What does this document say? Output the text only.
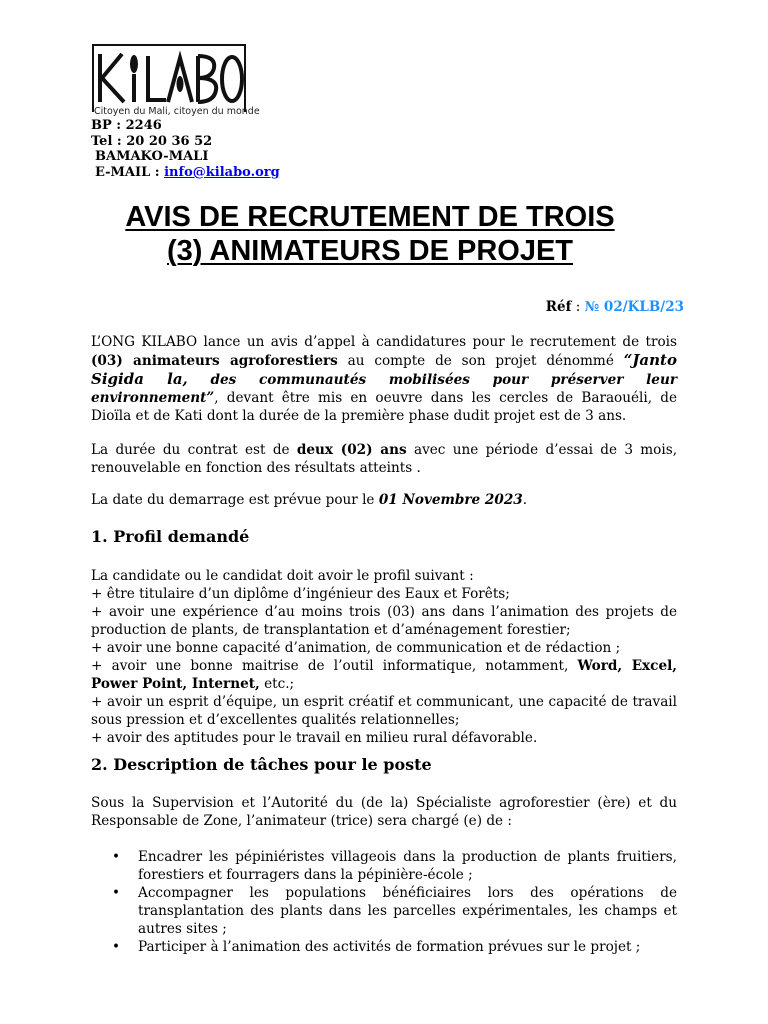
Citoyen du Mali, citoyen du monde
BP : 2246
Tel : 20 20 36 52
BAMAKO-MALI
E-MAIL : info@kilabo.org
AVIS DE RECRUTEMENT DE TROIS
(3) ANIMATEURS DE PROJET
Réf : № 02/KLB/23

L’ONG KILABO lance un avis d’appel à candidatures pour le recrutement de trois (03) animateurs agroforestiers au compte de son projet dénommé “Janto Sigida la, des communautés mobilisées pour préserver leur environnement”, devant être mis en oeuvre dans les cercles de Baraouéli, de Dioïla et de Kati dont la durée de la première phase dudit projet est de 3 ans.

La durée du contrat est de deux (02) ans avec une période d’essai de 3 mois, renouvelable en fonction des résultats atteints .

La date du demarrage est prévue pour le 01 Novembre 2023.

1. Profil demandé

La candidate ou le candidat doit avoir le profil suivant :

+ être titulaire d’un diplôme d’ingénieur des Eaux et Forêts;

+ avoir une expérience d’au moins trois (03) ans dans l’animation des projets de production de plants, de transplantation et d’aménagement forestier;

+ avoir une bonne capacité d’animation, de communication et de rédaction ;

+ avoir une bonne maitrise de l’outil informatique, notamment, Word, Excel, Power Point, Internet, etc.;

+ avoir un esprit d’équipe, un esprit créatif et communicant, une capacité de travail sous pression et d’excellentes qualités relationnelles;

+ avoir des aptitudes pour le travail en milieu rural défavorable.

2. Description de tâches pour le poste

Sous la Supervision et l’Autorité du (de la) Spécialiste agroforestier (ère) et du Responsable de Zone, l’animateur (trice) sera chargé (e) de :

• Encadrer les pépiniéristes villageois dans la production de plants fruitiers, forestiers et fourragers dans la pépinière-école ;
• Accompagner les populations bénéficiaires lors des opérations de transplantation des plants dans les parcelles expérimentales, les champs et autres sites ;
• Participer à l’animation des activités de formation prévues sur le projet ;
